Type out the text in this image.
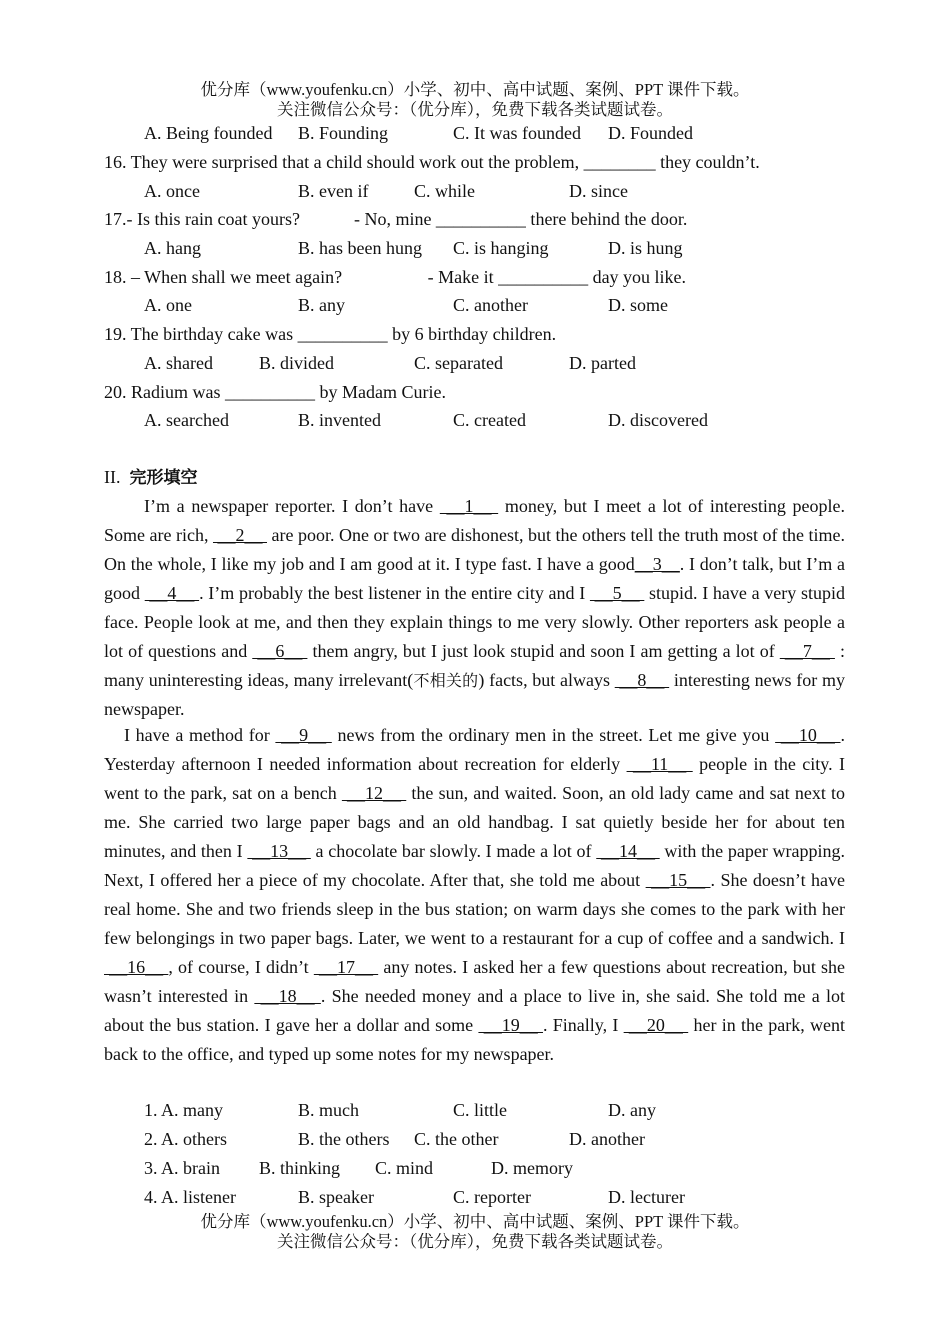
优分库（www.youfenku.cn）小学、初中、高中试题、案例、PPT 课件下载。
关注微信公众号：（优分库），免费下载各类试题试卷。
A. Being founded B. Founding	C. It was founded D. Founded
16. They were surprised that a child should work out the problem, ________ they couldn’t.
A. once	B. even if	C. while	D. since
17.- Is this rain coat yours?            - No, mine __________ there behind the door.
A. hang	B. has been hung C. is hanging	D. is hung
18. – When shall we meet again?                   - Make it __________ day you like.
A. one	B. any	C. another	D. some
19. The birthday cake was __________ by 6 birthday children.
A. shared	B. divided	C. separated	D. parted
20. Radium was __________ by Madam Curie.
A. searched	B. invented	C. created	D. discovered
II. 完形填空
I’m a newspaper reporter. I don’t have  __1__  money, but I meet a lot of interesting people. Some are rich,  __2__  are poor. One or two are dishonest, but the others tell the truth most of the time. On the whole, I like my job and I am good at it. I type fast. I have a good__3__. I don’t talk, but I’m a good  __4__ . I’m probably the best listener in the entire city and I  __5__  stupid. I have a very stupid face. People look at me, and then they explain things to me very slowly. Other reporters ask people a lot of questions and  __6__  them angry, but I just look stupid and soon I am getting a lot of  __7__  : many uninteresting ideas, many irrelevant(不相关的) facts, but always  __8__  interesting news for my newspaper.
I have a method for  __9__  news from the ordinary men in the street. Let me give you  __10__ . Yesterday afternoon I needed information about recreation for elderly  __11__  people in the city. I went to the park, sat on a bench  __12__  the sun, and waited. Soon, an old lady came and sat next to me. She carried two large paper bags and an old handbag. I sat quietly beside her for about ten minutes, and then I  __13__  a chocolate bar slowly. I made a lot of  __14__  with the paper wrapping. Next, I offered her a piece of my chocolate. After that, she told me about  __15__ . She doesn’t have real home. She and two friends sleep in the bus station; on warm days she comes to the park with her few belongings in two paper bags. Later, we went to a restaurant for a cup of coffee and a sandwich. I  __16__ , of course, I didn’t  __17__  any notes. I asked her a few questions about recreation, but she wasn’t interested in  __18__ . She needed money and a place to live in, she said. She told me a lot about the bus station. I gave her a dollar and some  __19__ . Finally, I  __20__  her in the park, went back to the office, and typed up some notes for my newspaper.
1. A. many	B. much	C. little	D. any
2. A. others	B. the others C. the other	D. another
3. A. brain B. thinking C. mind	D. memory
4. A. listener	B. speaker	C. reporter	D. lecturer
优分库（www.youfenku.cn）小学、初中、高中试题、案例、PPT 课件下载。
关注微信公众号：（优分库），免费下载各类试题试卷。
